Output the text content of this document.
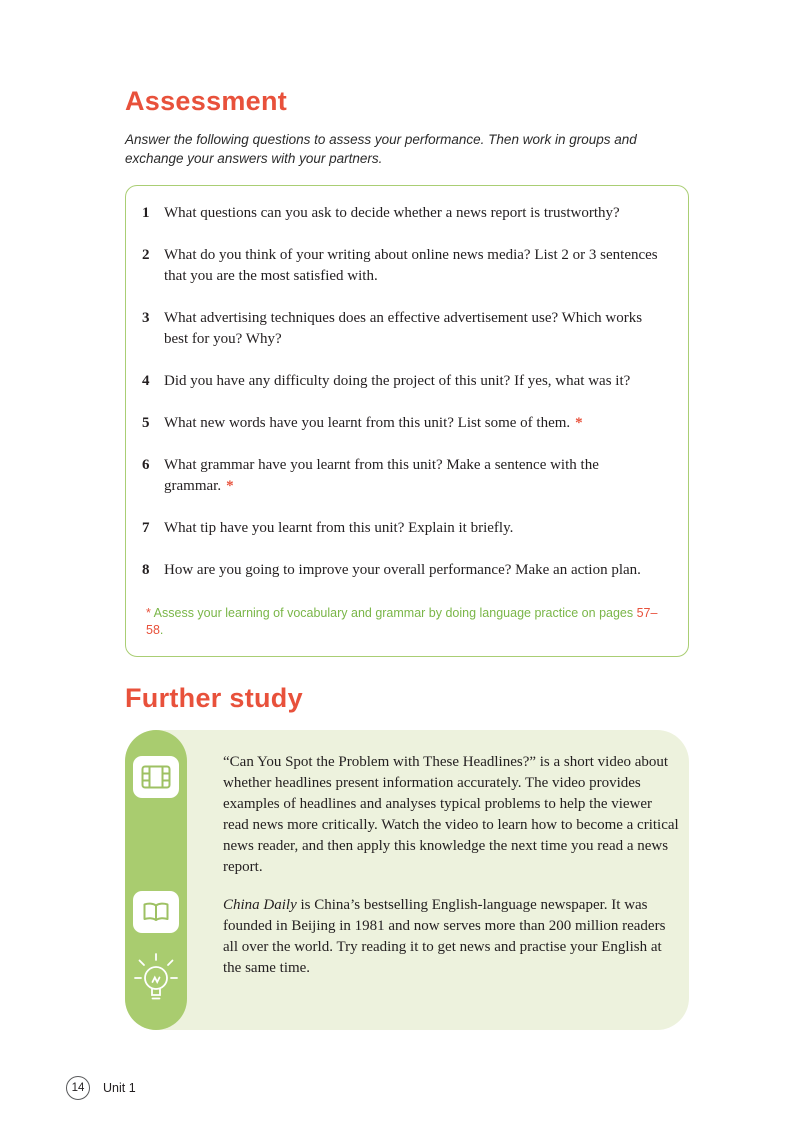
Assessment

Answer the following questions to assess your performance. Then work in groups and exchange your answers with your partners.

1 What questions can you ask to decide whether a news report is trustworthy?
2 What do you think of your writing about online news media? List 2 or 3 sentences that you are the most satisfied with.
3 What advertising techniques does an effective advertisement use? Which works best for you? Why?
4 Did you have any difficulty doing the project of this unit? If yes, what was it?
5 What new words have you learnt from this unit? List some of them. *
6 What grammar have you learnt from this unit? Make a sentence with the grammar. *
7 What tip have you learnt from this unit? Explain it briefly.
8 How are you going to improve your overall performance? Make an action plan.

* Assess your learning of vocabulary and grammar by doing language practice on pages 57–58.

Further study

“Can You Spot the Problem with These Headlines?” is a short video about whether headlines present information accurately. The video provides examples of headlines and analyses typical problems to help the viewer read news more critically. Watch the video to learn how to become a critical news reader, and then apply this knowledge the next time you read a news report.

China Daily is China’s bestselling English-language newspaper. It was founded in Beijing in 1981 and now serves more than 200 million readers all over the world. Try reading it to get news and practise your English at the same time.

14	Unit 1
